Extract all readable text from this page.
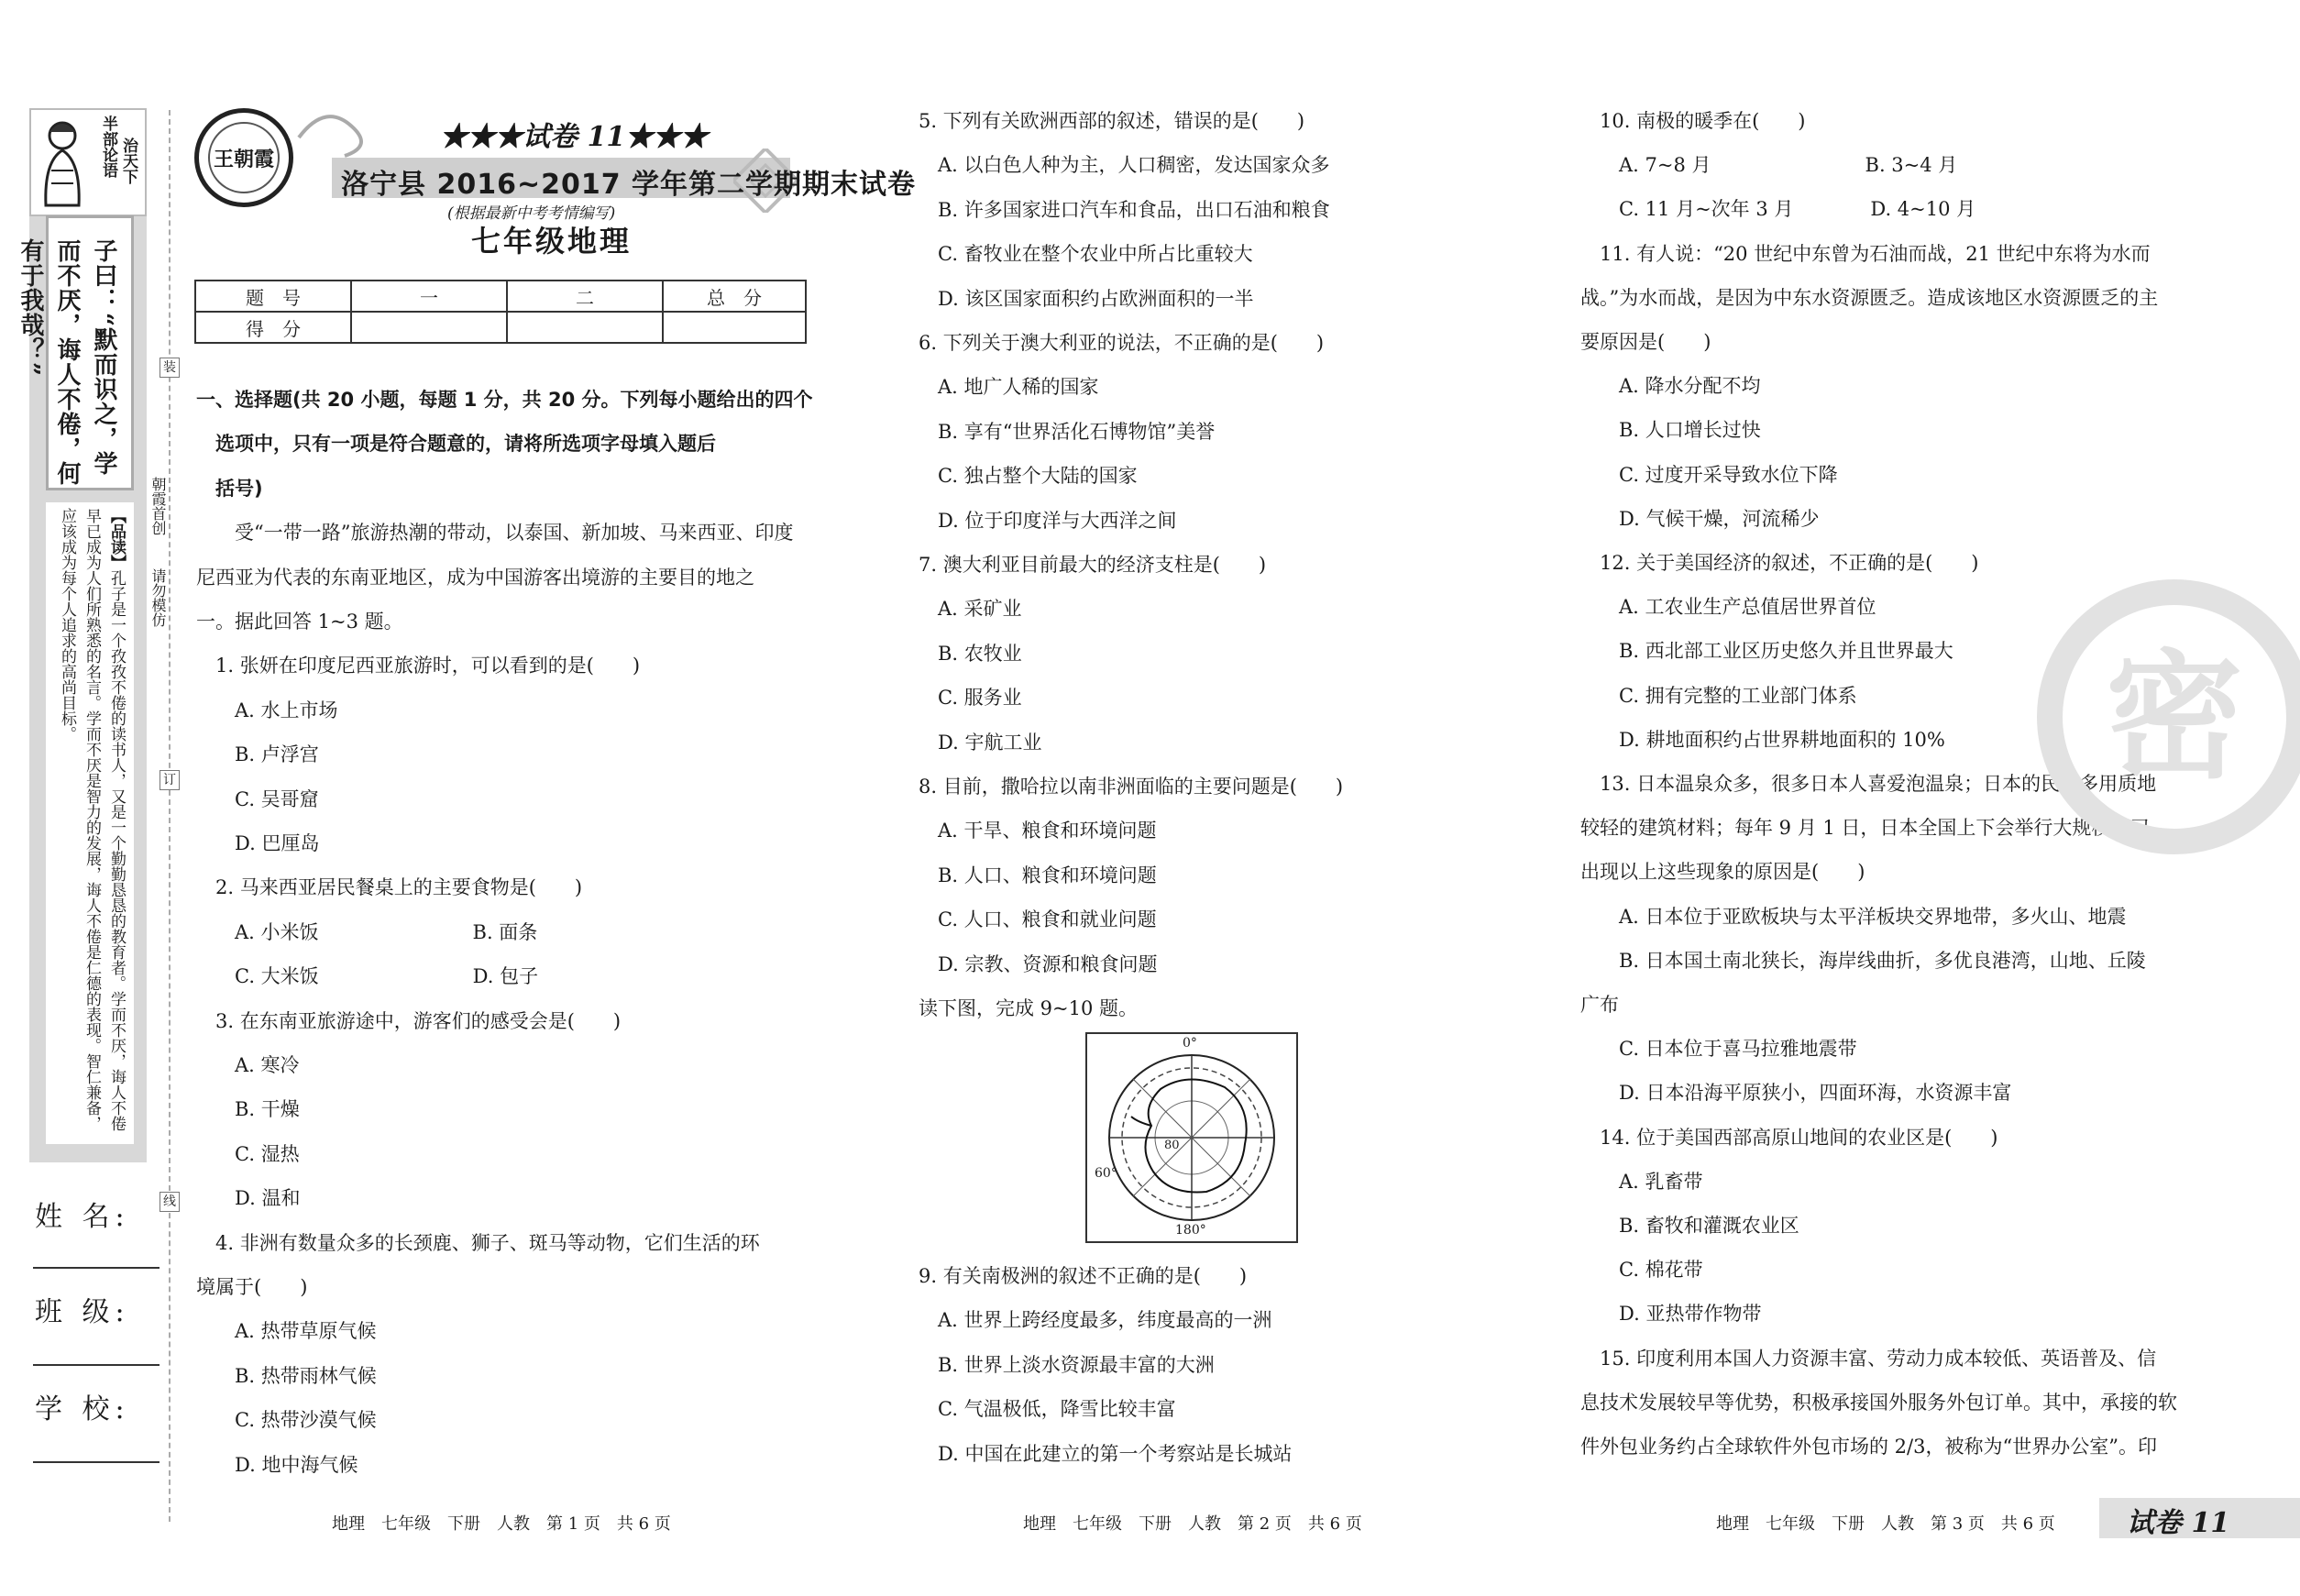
半部论语 治天下
子曰：“默而识之，学而不厌，诲人不倦，何有于我哉？”
【品读】孔子是一个孜孜不倦的读书人，又是一个勤勤恳恳的教育者。学而不厌，诲人不倦早已成为人们所熟悉的名言。学而不厌是智力的发展，诲人不倦是仁德的表现。智仁兼备，应该成为每个人追求的高尚目标。
装
订
线
朝霞首创
请勿模仿
姓 名:
班 级:
学 校:
王朝霞
★★★试卷 11★★★
洛宁县 2016~2017 学年第二学期期末试卷
(根据最新中考考情编写)
七年级地理
题　号	一	二	总　分
得　分			
一、选择题(共 20 小题，每题 1 分，共 20 分。下列每小题给出的四个
　选项中，只有一项是符合题意的，请将所选项字母填入题后
　括号)
　　受“一带一路”旅游热潮的带动，以泰国、新加坡、马来西亚、印度
尼西亚为代表的东南亚地区，成为中国游客出境游的主要目的地之
一。据此回答 1~3 题。
　1. 张妍在印度尼西亚旅游时，可以看到的是(　　)
　　A. 水上市场
　　B. 卢浮宫
　　C. 吴哥窟
　　D. 巴厘岛
　2. 马来西亚居民餐桌上的主要食物是(　　)
　　A. 小米饭　　　　　　　　B. 面条
　　C. 大米饭　　　　　　　　D. 包子
　3. 在东南亚旅游途中，游客们的感受会是(　　)
　　A. 寒冷
　　B. 干燥
　　C. 湿热
　　D. 温和
　4. 非洲有数量众多的长颈鹿、狮子、斑马等动物，它们生活的环
境属于(　　)
　　A. 热带草原气候
　　B. 热带雨林气候
　　C. 热带沙漠气候
　　D. 地中海气候
5. 下列有关欧洲西部的叙述，错误的是(　　)
　A. 以白色人种为主，人口稠密，发达国家众多
　B. 许多国家进口汽车和食品，出口石油和粮食
　C. 畜牧业在整个农业中所占比重较大
　D. 该区国家面积约占欧洲面积的一半
6. 下列关于澳大利亚的说法，不正确的是(　　)
　A. 地广人稀的国家
　B. 享有“世界活化石博物馆”美誉
　C. 独占整个大陆的国家
　D. 位于印度洋与大西洋之间
7. 澳大利亚目前最大的经济支柱是(　　)
　A. 采矿业
　B. 农牧业
　C. 服务业
　D. 宇航工业
8. 目前，撒哈拉以南非洲面临的主要问题是(　　)
　A. 干旱、粮食和环境问题
　B. 人口、粮食和环境问题
　C. 人口、粮食和就业问题
　D. 宗教、资源和粮食问题
读下图，完成 9~10 题。
9. 有关南极洲的叙述不正确的是(　　)
　A. 世界上跨经度最多，纬度最高的一洲
　B. 世界上淡水资源最丰富的大洲
　C. 气温极低，降雪比较丰富
　D. 中国在此建立的第一个考察站是长城站
　10. 南极的暖季在(　　)
　　A. 7~8 月　　　　　　　　B. 3~4 月
　　C. 11 月~次年 3 月　　　　D. 4~10 月
　11. 有人说：“20 世纪中东曾为石油而战，21 世纪中东将为水而
战。”为水而战，是因为中东水资源匮乏。造成该地区水资源匮乏的主
要原因是(　　)
　　A. 降水分配不均
　　B. 人口增长过快
　　C. 过度开采导致水位下降
　　D. 气候干燥，河流稀少
　12. 关于美国经济的叙述，不正确的是(　　)
　　A. 工农业生产总值居世界首位
　　B. 西北部工业区历史悠久并且世界最大
　　C. 拥有完整的工业部门体系
　　D. 耕地面积约占世界耕地面积的 10%
　13. 日本温泉众多，很多日本人喜爱泡温泉；日本的民居多用质地
较轻的建筑材料；每年 9 月 1 日，日本全国上下会举行大规模演习。
出现以上这些现象的原因是(　　)
　　A. 日本位于亚欧板块与太平洋板块交界地带，多火山、地震
　　B. 日本国土南北狭长，海岸线曲折，多优良港湾，山地、丘陵
广布
　　C. 日本位于喜马拉雅地震带
　　D. 日本沿海平原狭小，四面环海，水资源丰富
　14. 位于美国西部高原山地间的农业区是(　　)
　　A. 乳畜带
　　B. 畜牧和灌溉农业区
　　C. 棉花带
　　D. 亚热带作物带
　15. 印度利用本国人力资源丰富、劳动力成本较低、英语普及、信
息技术发展较早等优势，积极承接国外服务外包订单。其中，承接的软
件外包业务约占全球软件外包市场的 2/3，被称为“世界办公室”。印
0°
180°
60°
80
密
地理　七年级　下册　人教　第 1 页　共 6 页	地理　七年级　下册　人教　第 2 页　共 6 页	地理　七年级　下册　人教　第 3 页　共 6 页	试卷 11
